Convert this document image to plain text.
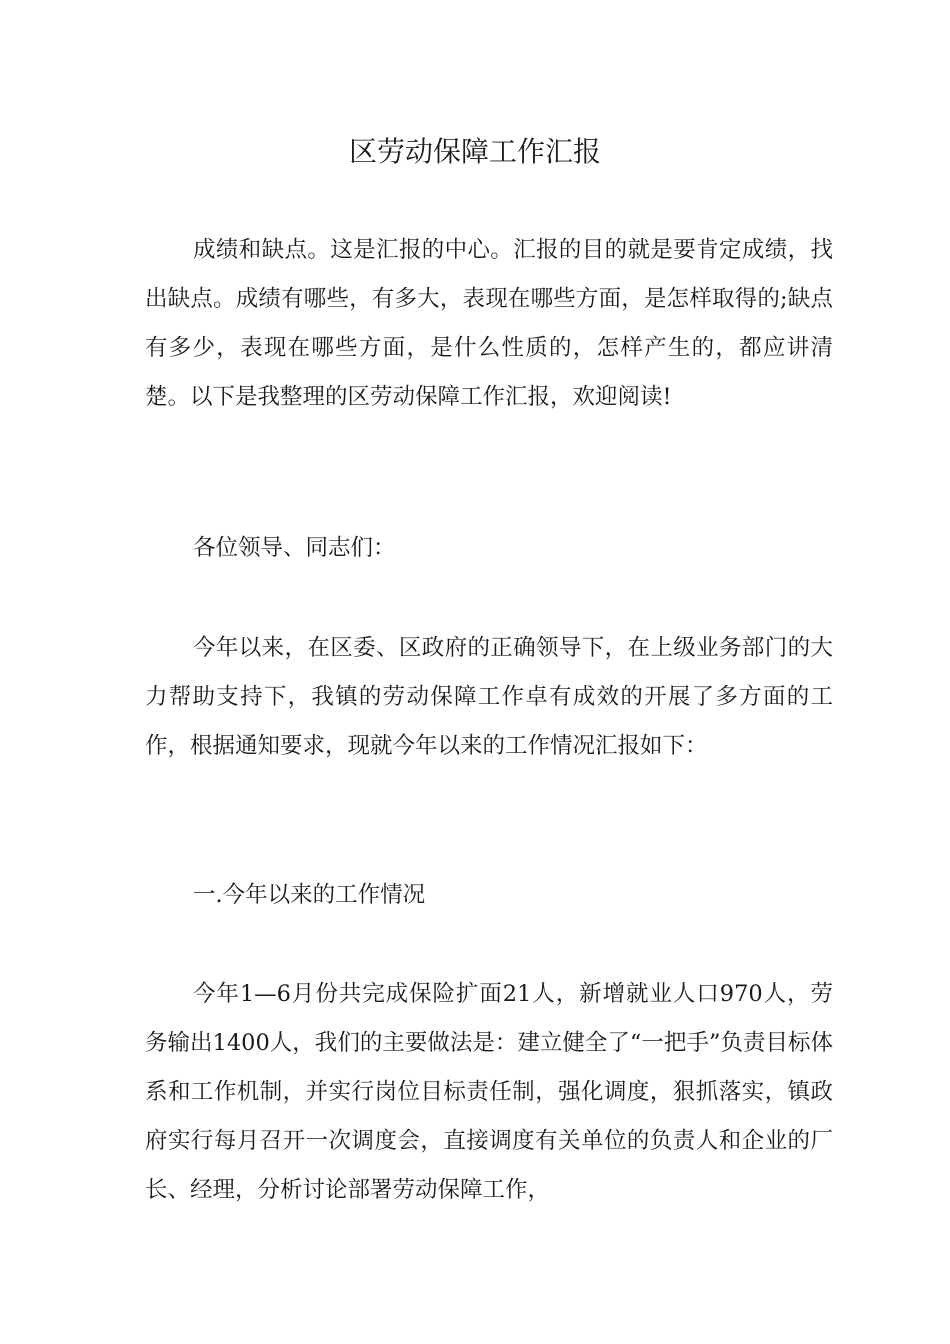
区劳动保障工作汇报

成绩和缺点。这是汇报的中心。汇报的目的就是要肯定成绩，找出缺点。成绩有哪些，有多大，表现在哪些方面，是怎样取得的;缺点有多少，表现在哪些方面，是什么性质的，怎样产生的，都应讲清楚。以下是我整理的区劳动保障工作汇报，欢迎阅读!

各位领导、同志们：

今年以来，在区委、区政府的正确领导下，在上级业务部门的大力帮助支持下，我镇的劳动保障工作卓有成效的开展了多方面的工作，根据通知要求，现就今年以来的工作情况汇报如下：

一.今年以来的工作情况

今年1—6月份共完成保险扩面21人，新增就业人口970人，劳务输出1400人，我们的主要做法是：建立健全了“一把手”负责目标体系和工作机制，并实行岗位目标责任制，强化调度，狠抓落实，镇政府实行每月召开一次调度会，直接调度有关单位的负责人和企业的厂长、经理，分析讨论部署劳动保障工作，
